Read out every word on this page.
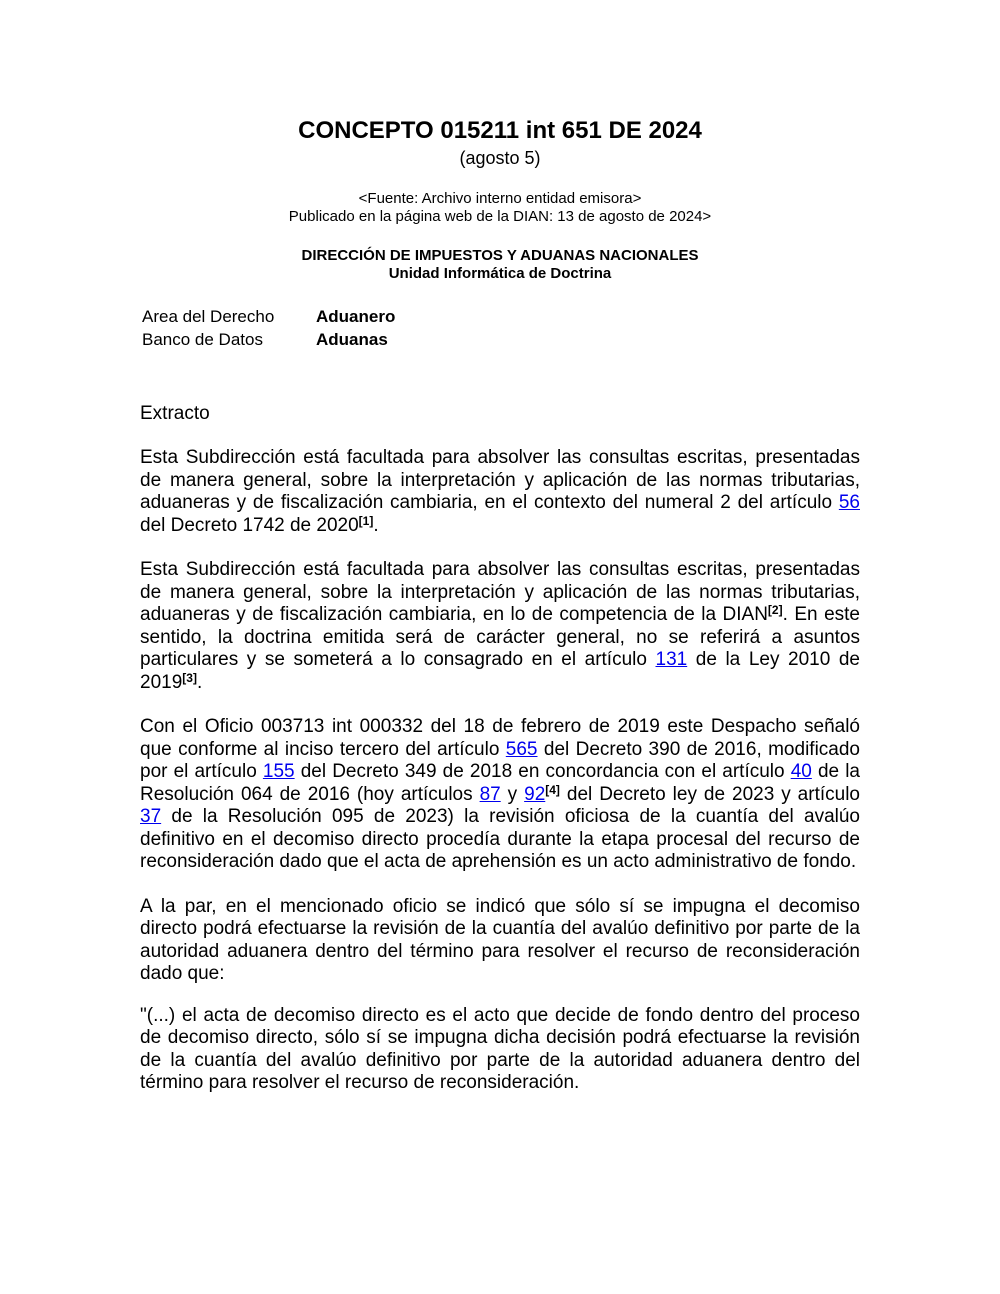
CONCEPTO 015211 int 651 DE 2024

(agosto 5)

<Fuente: Archivo interno entidad emisora>
Publicado en la página web de la DIAN: 13 de agosto de 2024>
DIRECCIÓN DE IMPUESTOS Y ADUANAS NACIONALES
Unidad Informática de Doctrina
Area del Derecho	Aduanero
Banco de Datos	Aduanas
Extracto

Esta Subdirección está facultada para absolver las consultas escritas, presentadas de manera general, sobre la interpretación y aplicación de las normas tributarias, aduaneras y de fiscalización cambiaria, en el contexto del numeral 2 del artículo 56 del Decreto 1742 de 2020[1].

Esta Subdirección está facultada para absolver las consultas escritas, presentadas de manera general, sobre la interpretación y aplicación de las normas tributarias, aduaneras y de fiscalización cambiaria, en lo de competencia de la DIAN[2]. En este sentido, la doctrina emitida será de carácter general, no se referirá a asuntos particulares y se someterá a lo consagrado en el artículo 131 de la Ley 2010 de 2019[3].

Con el Oficio 003713 int 000332 del 18 de febrero de 2019 este Despacho señaló que conforme al inciso tercero del artículo 565 del Decreto 390 de 2016, modificado por el artículo 155 del Decreto 349 de 2018 en concordancia con el artículo 40 de la Resolución 064 de 2016 (hoy artículos 87 y 92[4] del Decreto ley de 2023 y artículo 37 de la Resolución 095 de 2023) la revisión oficiosa de la cuantía del avalúo definitivo en el decomiso directo procedía durante la etapa procesal del recurso de reconsideración dado que el acta de aprehensión es un acto administrativo de fondo.

A la par, en el mencionado oficio se indicó que sólo sí se impugna el decomiso directo podrá efectuarse la revisión de la cuantía del avalúo definitivo por parte de la autoridad aduanera dentro del término para resolver el recurso de reconsideración dado que:

"(...) el acta de decomiso directo es el acto que decide de fondo dentro del proceso de decomiso directo, sólo sí se impugna dicha decisión podrá efectuarse la revisión de la cuantía del avalúo definitivo por parte de la autoridad aduanera dentro del término para resolver el recurso de reconsideración.
